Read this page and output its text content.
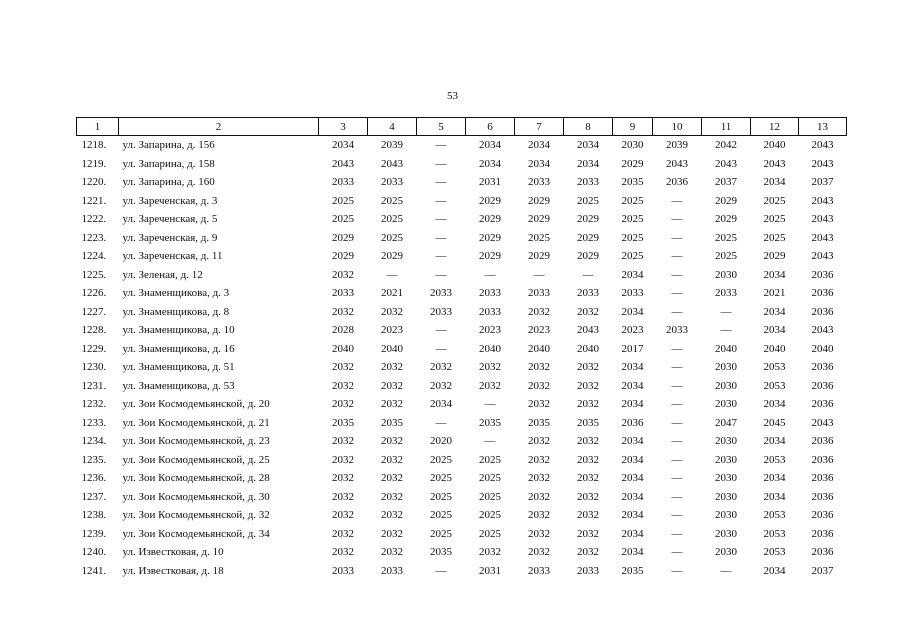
53
1	2	3	4	5	6	7	8	9	10	11	12	13
1218.	ул. Запарина, д. 156	2034	2039	—	2034	2034	2034	2030	2039	2042	2040	2043
1219.	ул. Запарина, д. 158	2043	2043	—	2034	2034	2034	2029	2043	2043	2043	2043
1220.	ул. Запарина, д. 160	2033	2033	—	2031	2033	2033	2035	2036	2037	2034	2037
1221.	ул. Зареченская, д. 3	2025	2025	—	2029	2029	2025	2025	—	2029	2025	2043
1222.	ул. Зареченская, д. 5	2025	2025	—	2029	2029	2029	2025	—	2029	2025	2043
1223.	ул. Зареченская, д. 9	2029	2025	—	2029	2025	2029	2025	—	2025	2025	2043
1224.	ул. Зареченская, д. 11	2029	2029	—	2029	2029	2029	2025	—	2025	2029	2043
1225.	ул. Зеленая, д. 12	2032	—	—	—	—	—	2034	—	2030	2034	2036
1226.	ул. Знаменщикова, д. 3	2033	2021	2033	2033	2033	2033	2033	—	2033	2021	2036
1227.	ул. Знаменщикова, д. 8	2032	2032	2033	2033	2032	2032	2034	—	—	2034	2036
1228.	ул. Знаменщикова, д. 10	2028	2023	—	2023	2023	2043	2023	2033	—	2034	2043
1229.	ул. Знаменщикова, д. 16	2040	2040	—	2040	2040	2040	2017	—	2040	2040	2040
1230.	ул. Знаменщикова, д. 51	2032	2032	2032	2032	2032	2032	2034	—	2030	2053	2036
1231.	ул. Знаменщикова, д. 53	2032	2032	2032	2032	2032	2032	2034	—	2030	2053	2036
1232.	ул. Зои Космодемьянской, д. 20	2032	2032	2034	—	2032	2032	2034	—	2030	2034	2036
1233.	ул. Зои Космодемьянской, д. 21	2035	2035	—	2035	2035	2035	2036	—	2047	2045	2043
1234.	ул. Зои Космодемьянской, д. 23	2032	2032	2020	—	2032	2032	2034	—	2030	2034	2036
1235.	ул. Зои Космодемьянской, д. 25	2032	2032	2025	2025	2032	2032	2034	—	2030	2053	2036
1236.	ул. Зои Космодемьянской, д. 28	2032	2032	2025	2025	2032	2032	2034	—	2030	2034	2036
1237.	ул. Зои Космодемьянской, д. 30	2032	2032	2025	2025	2032	2032	2034	—	2030	2034	2036
1238.	ул. Зои Космодемьянской, д. 32	2032	2032	2025	2025	2032	2032	2034	—	2030	2053	2036
1239.	ул. Зои Космодемьянской, д. 34	2032	2032	2025	2025	2032	2032	2034	—	2030	2053	2036
1240.	ул. Известковая, д. 10	2032	2032	2035	2032	2032	2032	2034	—	2030	2053	2036
1241.	ул. Известковая, д. 18	2033	2033	—	2031	2033	2033	2035	—	—	2034	2037
